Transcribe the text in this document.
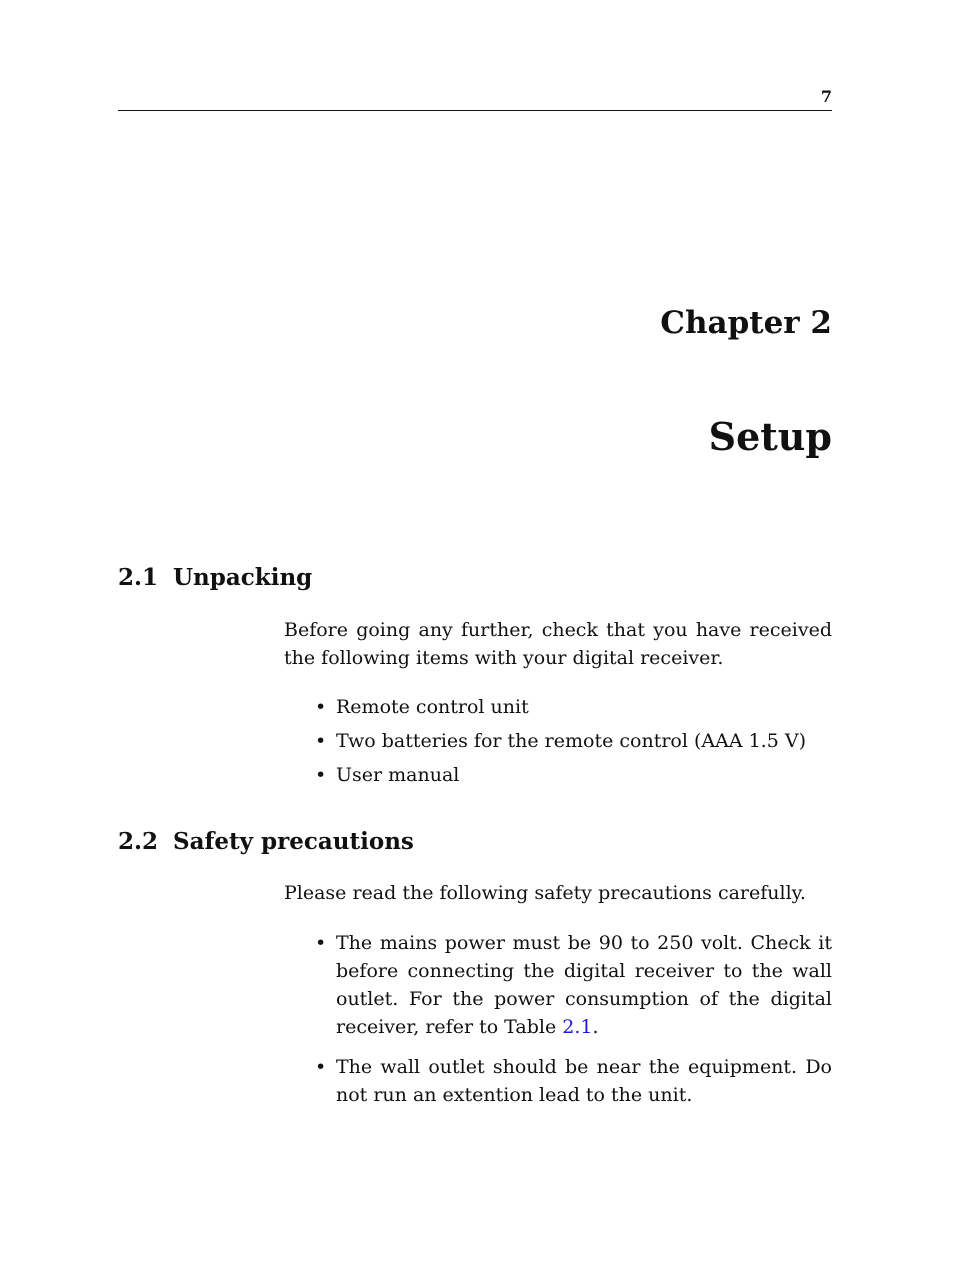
7
Chapter 2
Setup
2.1 Unpacking

Before going any further, check that you have received the following items with your digital receiver.

• Remote control unit
• Two batteries for the remote control (AAA 1.5 V)
• User manual
2.2 Safety precautions

Please read the following safety precautions carefully.

• The mains power must be 90 to 250 volt. Check it before connecting the digital receiver to the wall outlet. For the power consumption of the digital receiver, refer to Table 2.1.
• The wall outlet should be near the equipment. Do not run an extention lead to the unit.
